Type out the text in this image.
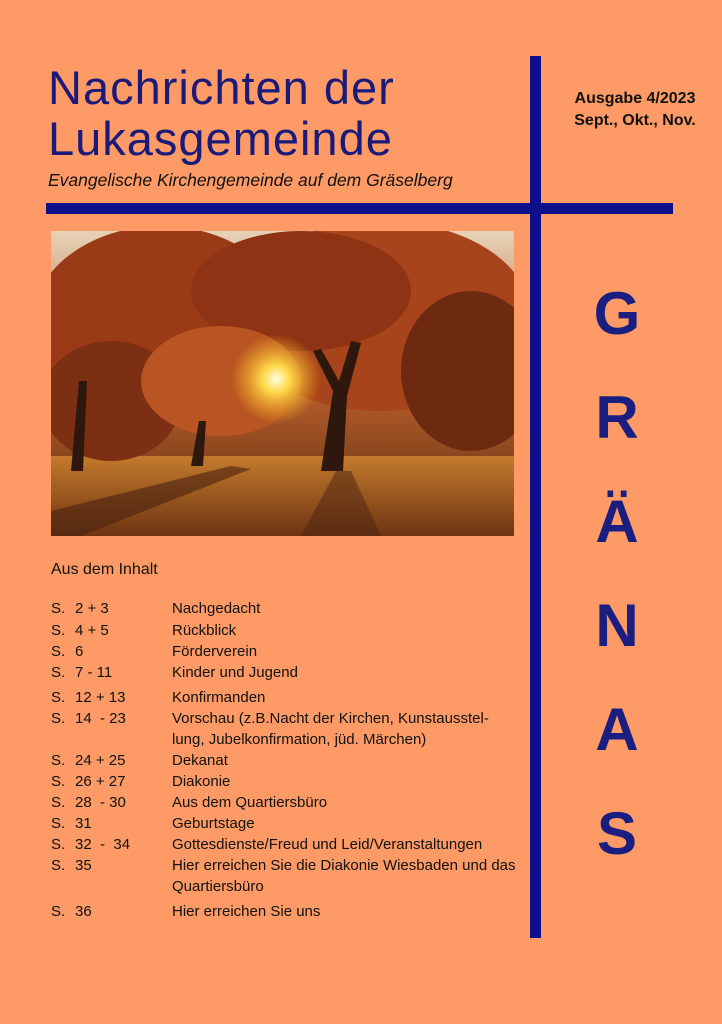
Nachrichten der
Lukasgemeinde
Evangelische Kirchengemeinde auf dem Gräselberg
Ausgabe 4/2023
Sept., Okt., Nov.
G
R
Ä
N
A
S
Aus dem Inhalt
S. 2 + 3	Nachgedacht
S. 4 + 5	Rückblick
S. 6	Förderverein
S. 7 - 11	Kinder und Jugend
S. 12 + 13	Konfirmanden
S. 14  - 23	Vorschau (z.B.Nacht der Kirchen, Kunstausstel-lung, Jubelkonfirmation, jüd. Märchen)
S. 24 + 25	Dekanat
S. 26 + 27	Diakonie
S. 28  - 30	Aus dem Quartiersbüro
S. 31	Geburtstage
S. 32  -  34	Gottesdienste/Freud und Leid/Veranstaltungen
S. 35	Hier erreichen Sie die Diakonie Wiesbaden und das Quartiersbüro
S. 36	Hier erreichen Sie uns
